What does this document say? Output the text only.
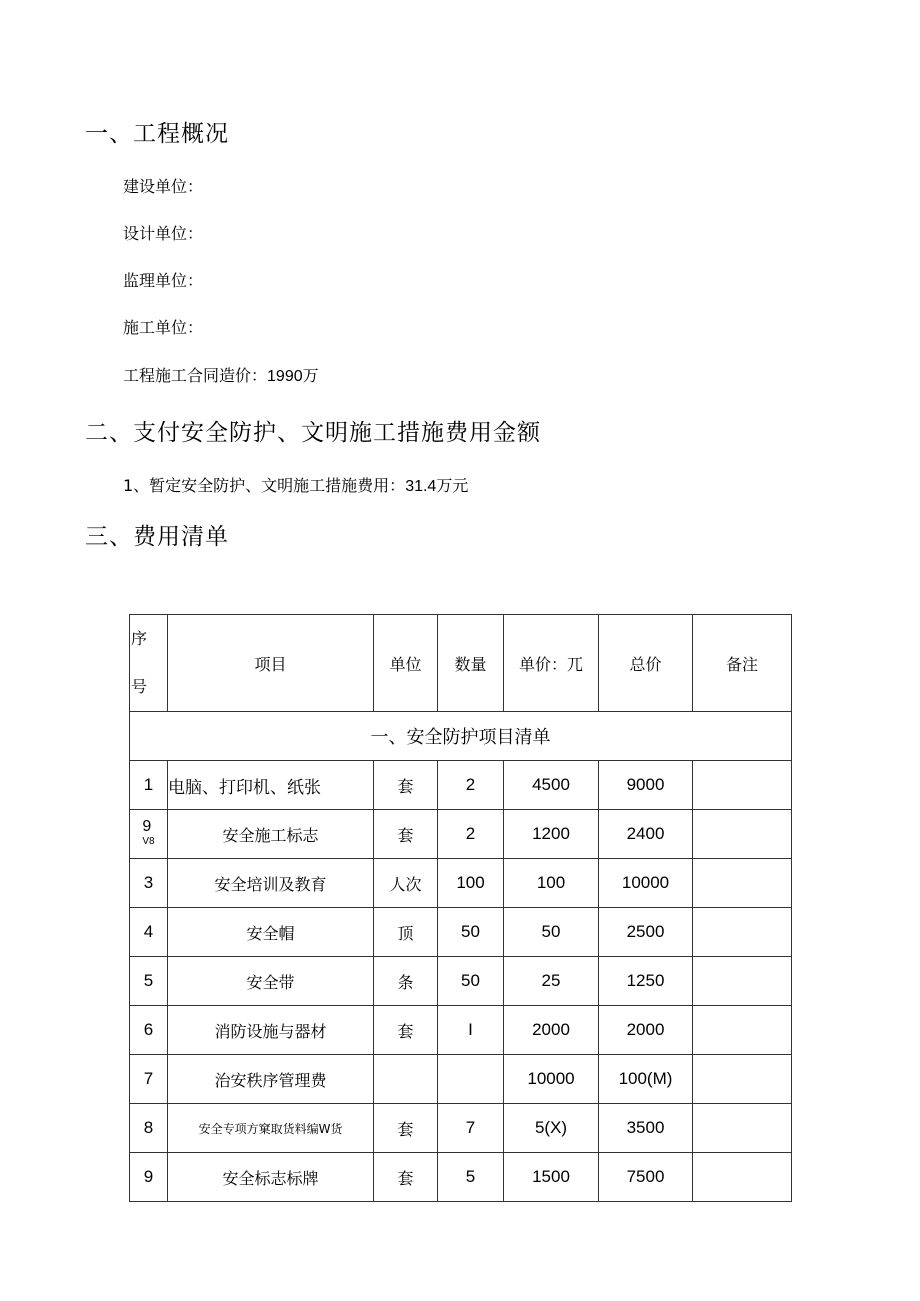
一、工程概况
建设单位：
设计单位：
监理单位：
施工单位：
工程施工合同造价：1990万
二、支付安全防护、文明施工措施费用金额
1、暂定安全防护、文明施工措施费用：31.4万元
三、费用清单
序
号	项目	单位	数量	单价：兀	总价	备注
一、安全防护项目清单						
1	电脑、打印机、纸张	套	2	4500	9000	
9
V8	安全施工标志	套	2	1200	2400	
3	安全培训及教育	人次	100	100	10000	
4	安全帽	顶	50	50	2500	
5	安全带	条	50	25	1250	
6	消防设施与器材	套	I	2000	2000	
7	治安秩序管理费			10000	100(M)	
8	安全专项方窠取货料编W货	套	7	5(X)	3500	
9	安全标志标牌	套	5	1500	7500	
